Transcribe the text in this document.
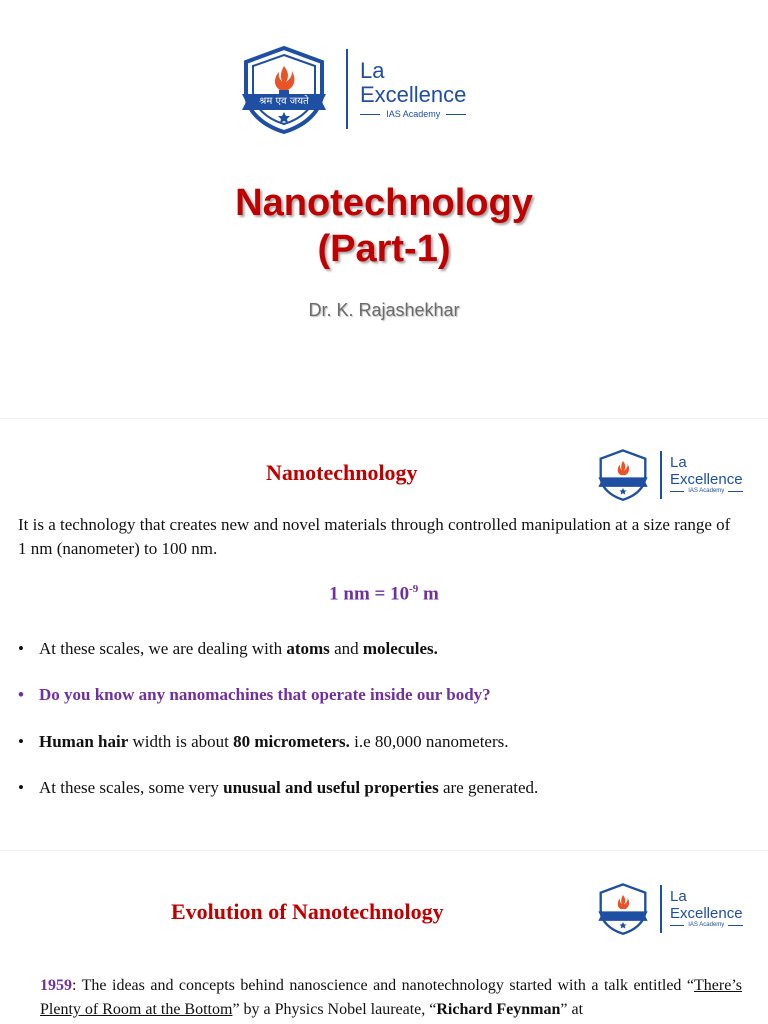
श्रम एव जयते
La
Excellence
IAS Academy
Nanotechnology
(Part-1)
Dr. K. Rajashekhar
Nanotechnology	La
Excellence
IAS Academy
It is a technology that creates new and novel materials through controlled manipulation at a size range of 1 nm (nanometer) to 100 nm.
1 nm = $10^{-9}$ m
• At these scales, we are dealing with atoms and molecules.
• Do you know any nanomachines that operate inside our body?
• Human hair width is about 80 micrometers. i.e 80,000 nanometers.
• At these scales, some very unusual and useful properties are generated.
Evolution of Nanotechnology
La
Excellence
IAS Academy
1959: The ideas and concepts behind nanoscience and nanotechnology started with a talk entitled “There’s Plenty of Room at the Bottom” by a Physics Nobel laureate, “Richard Feynman” at
